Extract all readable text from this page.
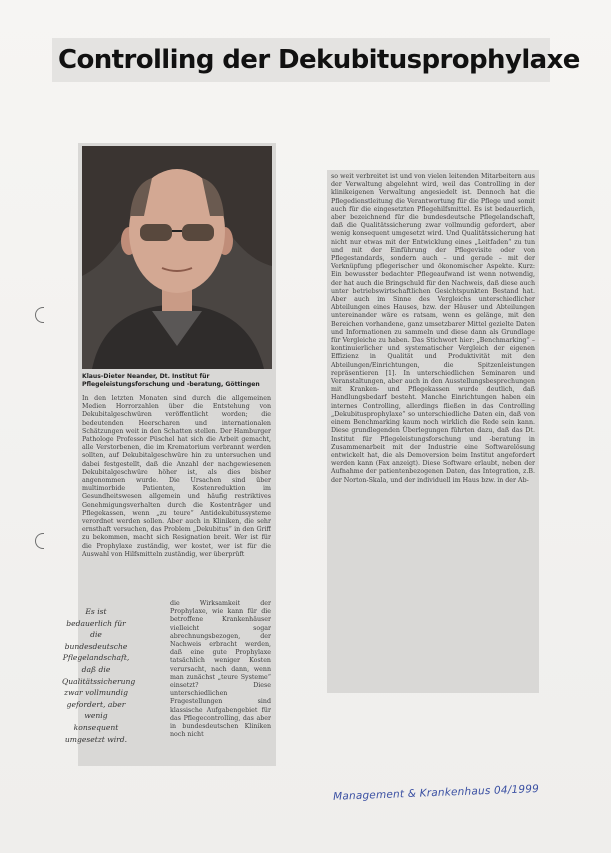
Controlling der Dekubitusprophylaxe

Klaus-Dieter Neander, Dt. Institut für Pflegeleistungsforschung und -beratung, Göttingen

In den letzten Monaten sind durch die allgemeinen Medien Horrorzahlen über die Entstehung von Dekubitalgeschwüren veröffentlicht worden; die bedeutenden Heerscharen und internationalen Schätzungen weit in den Schatten stellen. Der Hamburger Pathologe Professor Püschel hat sich die Arbeit gemacht, alle Verstorbenen, die im Krematorium verbrannt werden sollten, auf Dekubitalgeschwüre hin zu untersuchen und dabei festgestellt, daß die Anzahl der nachgewiesenen Dekubitalgeschwüre höher ist, als dies bisher angenommen wurde. Die Ursachen sind über multimorbide Patienten, Kostenreduktion im Gesundheitswesen allgemein und häufig restriktives Genehmigungsverhalten durch die Kostenträger und Pflegekassen, wenn „zu teure“ Antidekubitussysteme verordnet werden sollen. Aber auch in Kliniken, die sehr ernsthaft versuchen, das Problem „Dekubitus“ in den Griff zu bekommen, macht sich Resignation breit. Wer ist für die Prophylaxe zuständig, wer kostet, wer ist für die Auswahl von Hilfsmitteln zuständig, wer überprüft

die Wirksamkeit der Prophylaxe, wie kann für die betroffene Krankenhäuser vielleicht sogar abrechnungsbezogen, der Nachweis erbracht werden, daß eine gute Prophylaxe tatsächlich weniger Kosten verursacht, nach dann, wenn man zunächst „teure Systeme“ einsetzt? Diese unterschiedlichen Fragestellungen sind klassische Aufgabengebiet für das Pflegecontrolling, das aber in bundesdeutschen Kliniken noch nicht

Es ist bedauerlich für die bundesdeutsche Pflegelandschaft, daß die Qualitätssicherung zwar vollmundig gefordert, aber wenig konsequent umgesetzt wird.

so weit verbreitet ist und von vielen leitenden Mitarbeitern aus der Verwaltung abgelehnt wird, weil das Controlling in der klinikeigenen Verwaltung angesiedelt ist. Dennoch hat die Pflegedienstleitung die Verantwortung für die Pflege und somit auch für die eingesetzten Pflegehilfsmittel. Es ist bedauerlich, aber bezeichnend für die bundesdeutsche Pflegelandschaft, daß die Qualitätssicherung zwar vollmundig gefordert, aber wenig konsequent umgesetzt wird. Und Qualitätssicherung hat nicht nur etwas mit der Entwicklung eines „Leitfaden“ zu tun und mit der Einführung der Pflegevisite oder von Pflegestandards, sondern auch – und gerade – mit der Verknüpfung pflegerischer und ökonomischer Aspekte. Kurz: Ein bewusster bedachter Pflegeaufwand ist wenn notwendig, der hat auch die Bringschuld für den Nachweis, daß diese auch unter betriebswirtschaftlichen Gesichtspunkten Bestand hat. Aber auch im Sinne des Vergleichs unterschiedlicher Abteilungen eines Hauses, bzw. der Häuser und Abteilungen untereinander wäre es ratsam, wenn es gelänge, mit den Bereichen vorhandene, ganz umsetzbarer Mittel gezielte Daten und Informationen zu sammeln und diese dann als Grundlage für Vergleiche zu haben. Das Stichwort hier: „Benchmarking“ – kontinuierlicher und systematischer Vergleich der eigenen Effizienz in Qualität und Produktivität mit den Abteilungen/Einrichtungen, die Spitzenleistungen repräsentieren [1]. In unterschiedlichen Seminaren und Veranstaltungen, aber auch in den Ausstellungsbesprechungen mit Kranken- und Pflegekassen wurde deutlich, daß Handlungsbedarf besteht. Manche Einrichtungen haben ein internes Controlling, allerdings fließen in das Controlling „Dekubitusprophylaxe“ so unterschiedliche Daten ein, daß von einem Benchmarking kaum noch wirklich die Rede sein kann. Diese grundlegenden Überlegungen führten dazu, daß das Dt. Institut für Pflegeleistungsforschung und -beratung in Zusammenarbeit mit der Industrie eine Softwarelösung entwickelt hat, die als Demoversion beim Institut angefordert werden kann (Fax anzeigt). Diese Software erlaubt, neben der Aufnahme der patientenbezogenen Daten, das Integration, z.B. der Norton-Skala, und der individuell im Haus bzw. in der Ab-

Management & Krankenhaus 04/1999
